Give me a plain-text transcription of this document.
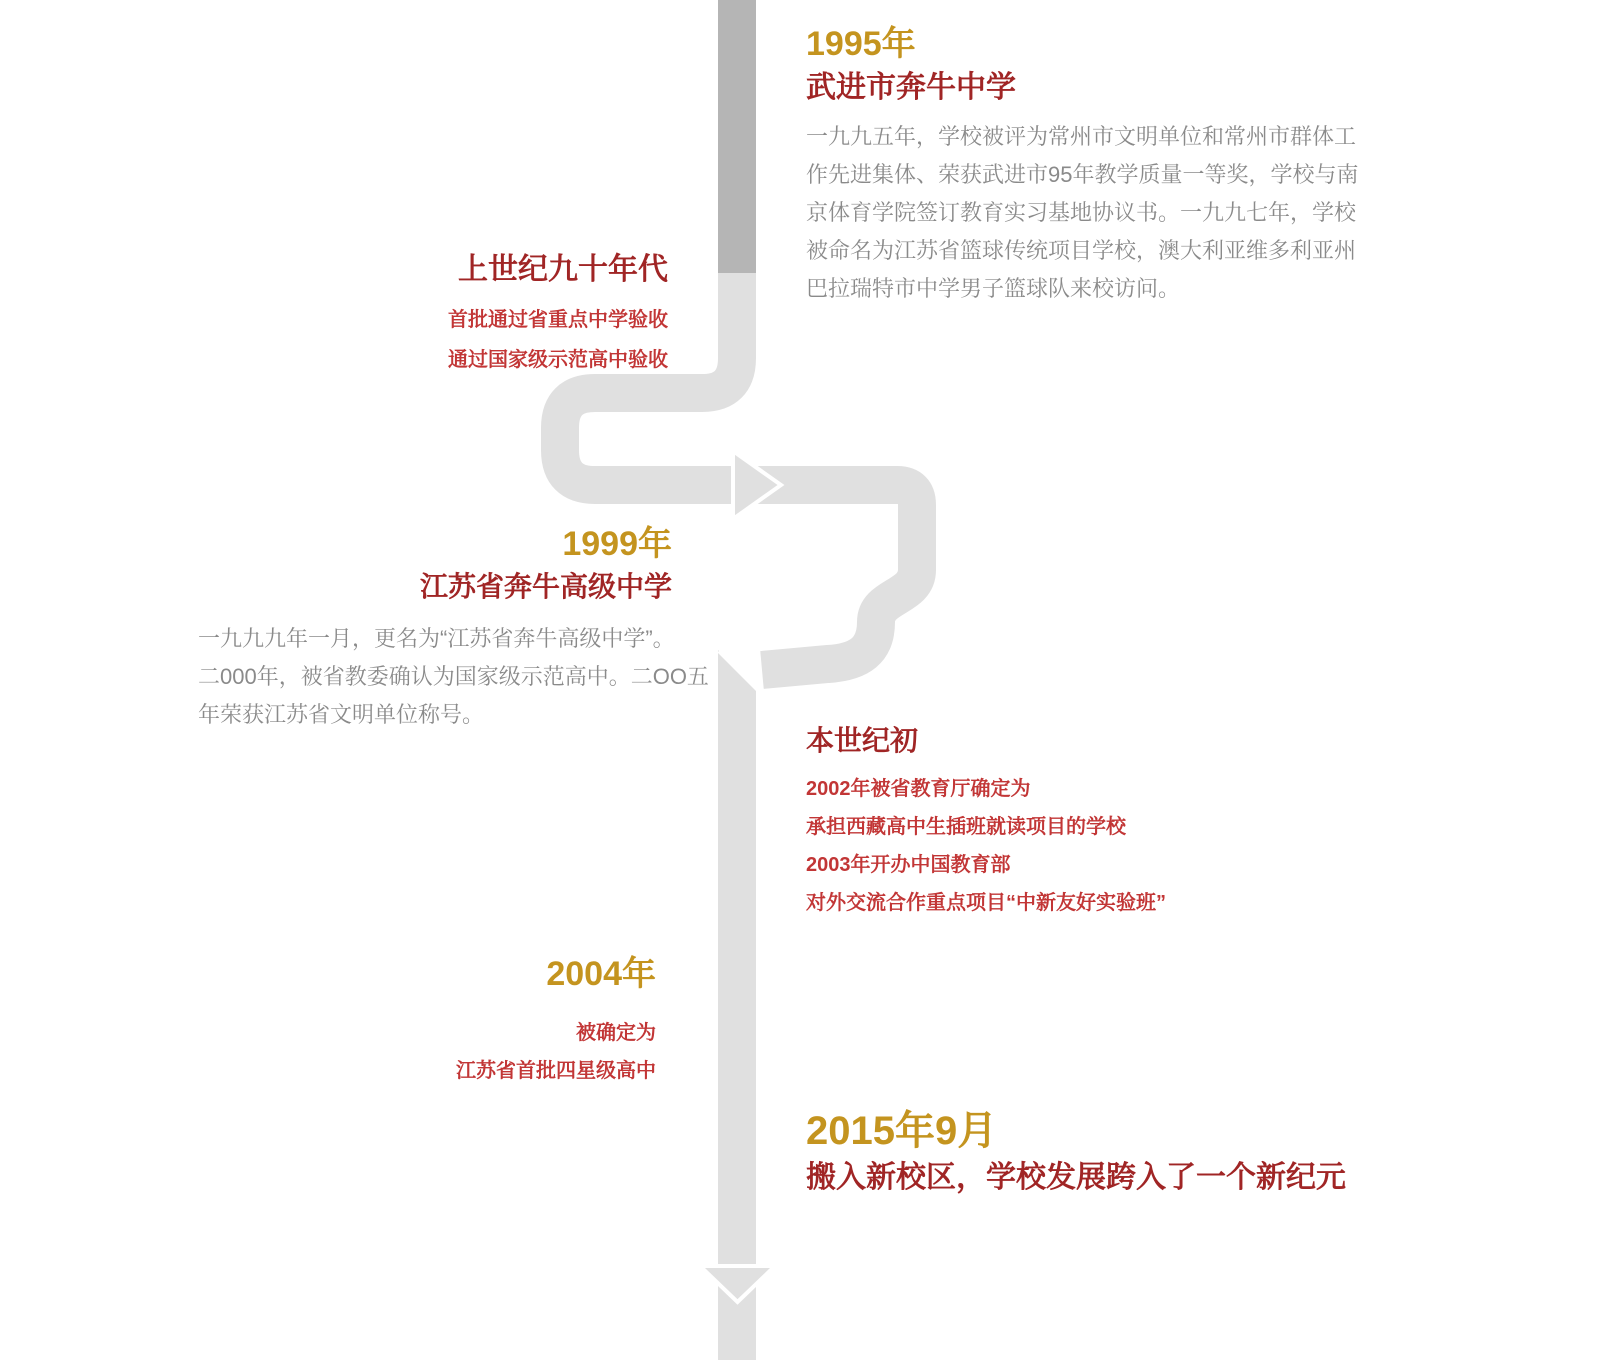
1995年
武进市奔牛中学
一九九五年，学校被评为常州市文明单位和常州市群体工
作先进集体、荣获武进市95年教学质量一等奖，学校与南
京体育学院签订教育实习基地协议书。一九九七年，学校
被命名为江苏省篮球传统项目学校，澳大利亚维多利亚州
巴拉瑞特市中学男子篮球队来校访问。
上世纪九十年代
首批通过省重点中学验收
通过国家级示范高中验收
1999年
江苏省奔牛高级中学
一九九九年一月，更名为“江苏省奔牛高级中学”。
二000年，被省教委确认为国家级示范高中。二OO五
年荣获江苏省文明单位称号。
本世纪初
2002年被省教育厅确定为
承担西藏高中生插班就读项目的学校
2003年开办中国教育部
对外交流合作重点项目“中新友好实验班”
2004年
被确定为
江苏省首批四星级高中
2015年9月
搬入新校区，学校发展跨入了一个新纪元
